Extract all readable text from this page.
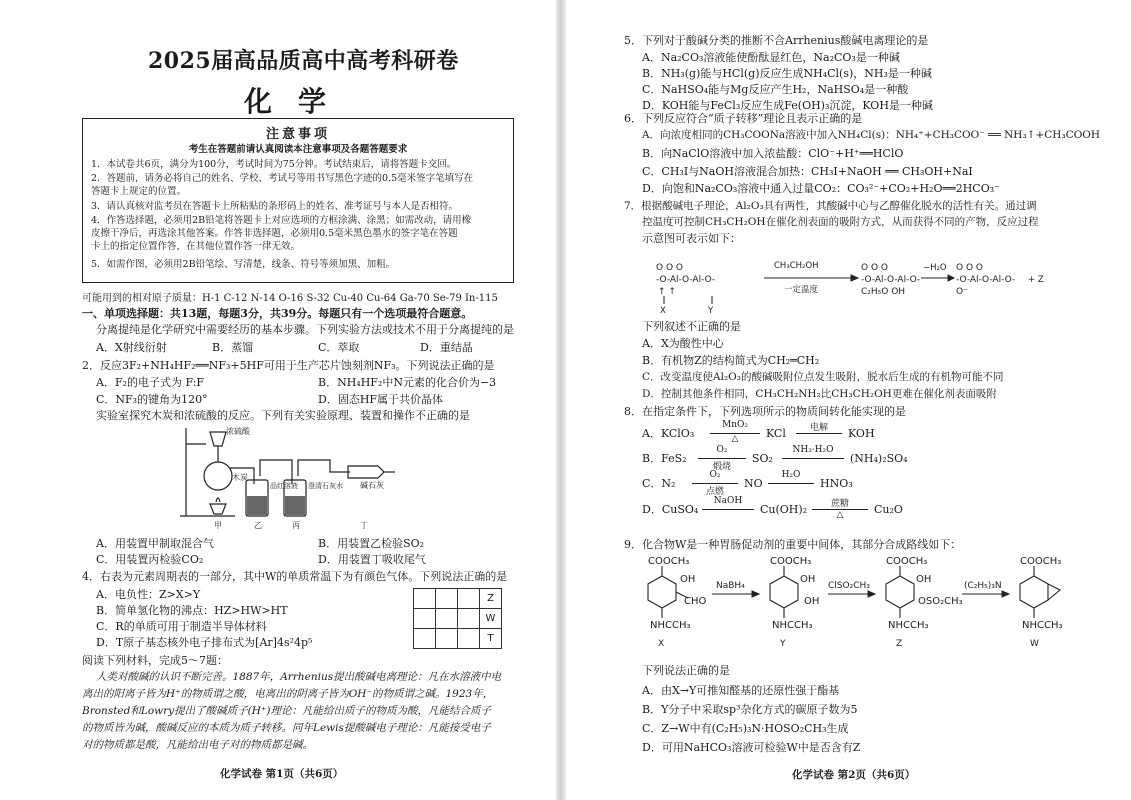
2025届高品质高中高考科研卷
化学
注意事项
考生在答题前请认真阅读本注意事项及各题答题要求
1．本试卷共6页，满分为100分，考试时间为75分钟。考试结束后，请将答题卡交回。
2．答题前，请务必将自己的姓名、学校、考试号等用书写黑色字迹的0.5毫米签字笔填写在
答题卡上规定的位置。
3．请认真核对监考员在答题卡上所粘贴的条形码上的姓名、准考证号与本人是否相符。
4．作答选择题，必须用2B铅笔将答题卡上对应选项的方框涂满、涂黑；如需改动，请用橡
皮擦干净后，再选涂其他答案。作答非选择题，必须用0.5毫米黑色墨水的签字笔在答题
卡上的指定位置作答，在其他位置作答一律无效。
5．如需作图，必须用2B铅笔绘、写清楚，线条、符号等须加黑、加粗。
可能用到的相对原子质量：H-1 C-12 N-14 O-16 S-32 Cu-40 Cu-64 Ga-70 Se-79 In-115
一、单项选择题：共13题，每题3分，共39分。每题只有一个选项最符合题意。
分离提纯是化学研究中需要经历的基本步骤。下列实验方法或技术不用于分离提纯的是
A．X射线衍射	B．蒸馏	C．萃取	D．重结晶
2．反应3F₂+NH₄HF₂══NF₃+5HF可用于生产芯片蚀刻剂NF₃。下列说法正确的是
A．F₂的电子式为 F:F	B．NH₄HF₂中N元素的化合价为−3
C．NF₃的键角为120°	D．固态HF属于共价晶体
实验室探究木炭和浓硫酸的反应。下列有关实验原理、装置和操作不正确的是
浓硫酸
木炭
碱石灰
甲	乙	丙	丁
品红溶液 澄清石灰水
A．用装置甲制取混合气	B．用装置乙检验SO₂
C．用装置丙检验CO₂	D．用装置丁吸收尾气
4．右表为元素周期表的一部分，其中W的单质常温下为有颜色气体。下列说法正确的是
A．电负性：Z>X>Y
B．简单氢化物的沸点：HZ>HW>HT
C．R的单质可用于制造半导体材料
D．T原子基态核外电子排布式为[Ar]4s²4p⁵
			Z
			W
			T
阅读下列材料，完成5～7题：
人类对酸碱的认识不断完善。1887年，Arrhenius提出酸碱电离理论：凡在水溶液中电
离出的阳离子皆为H⁺的物质谓之酸，电离出的阴离子皆为OH⁻的物质谓之碱。1923年，
Bronsted和Lowry提出了酸碱质子(H⁺)理论：凡能给出质子的物质为酸，凡能结合质子
的物质皆为碱，酸碱反应的本质为质子转移。同年Lewis提酸碱电子理论：凡能接受电子
对的物质都是酸，凡能给出电子对的物质都是碱。
化学试卷 第1页（共6页）
5．下列对于酸碱分类的推断不合Arrhenius酸碱电离理论的是
A．Na₂CO₃溶液能使酚酞显红色，Na₂CO₃是一种碱
B．NH₃(g)能与HCl(g)反应生成NH₄Cl(s)，NH₃是一种碱
C．NaHSO₄能与Mg反应产生H₂，NaHSO₄是一种酸
D．KOH能与FeCl₃反应生成Fe(OH)₃沉淀，KOH是一种碱
6．下列反应符合“质子转移”理论且表示正确的是
A．向浓度相同的CH₃COONa溶液中加入NH₄Cl(s)：NH₄⁺+CH₃COO⁻ ══ NH₃↑+CH₃COOH
B．向NaClO溶液中加入浓盐酸：ClO⁻+H⁺══HClO
C．CH₃I与NaOH溶液混合加热：CH₃I+NaOH ══ CH₃OH+NaI
D．向饱和Na₂CO₃溶液中通入过量CO₂：CO₃²⁻+CO₂+H₂O══2HCO₃⁻
7．根据酸碱电子理论，Al₂O₃具有两性，其酸碱中心与乙醇催化脱水的活性有关。通过调
控温度可控制CH₃CH₂OH在催化剂表面的吸附方式，从而获得不同的产物，反应过程
示意图可表示如下：
O O O
-O-Al-O-Al-O-
↑ ↑
O O O
-O-Al-O-Al-O-
C₂H₅O OH
O O O
-O-Al-O-Al-O-
O⁻
CH₃CH₂OH
一定温度
−H₂O
+ Z
X	Y
下列叙述不正确的是
A．X为酸性中心
B．有机物Z的结构简式为CH₂═CH₂
C．改变温度使Al₂O₃的酸碱吸附位点发生吸附，脱水后生成的有机物可能不同
D．控制其他条件相同，CH₃CH₂NH₂比CH₃CH₂OH更难在催化剂表面吸附
8．在指定条件下，下列选项所示的物质间转化能实现的是
A．KClO₃
MnO₂
△	KCl	电解	KOH
B．FeS₂
O₂
煅烧
SO₂
NH₃·H₂O
(NH₄)₂SO₄
C．N₂
O₂
点燃
NO
H₂O
HNO₃
D．CuSO₄
NaOH
Cu(OH)₂	蔗糖
△	Cu₂O
9．化合物W是一种胃肠促动剂的重要中间体，其部分合成路线如下：
COOCH₃	COOCH₃	COOCH₃	COOCH₃
CHO
OH	OH
OH
OH
OSO₂CH₃
NHCCH₃	NHCCH₃	NHCCH₃	NHCCH₃
NaBH₄	ClSO₂CH₃	(C₂H₅)₃N
X	Y	Z	W
下列说法正确的是
A．由X→Y可推知醛基的还原性强于酯基
B．Y分子中采取sp³杂化方式的碳原子数为5
C．Z→W中有(C₂H₅)₃N·HOSO₂CH₃生成
D．可用NaHCO₃溶液可检验W中是否含有Z
化学试卷 第2页（共6页）
